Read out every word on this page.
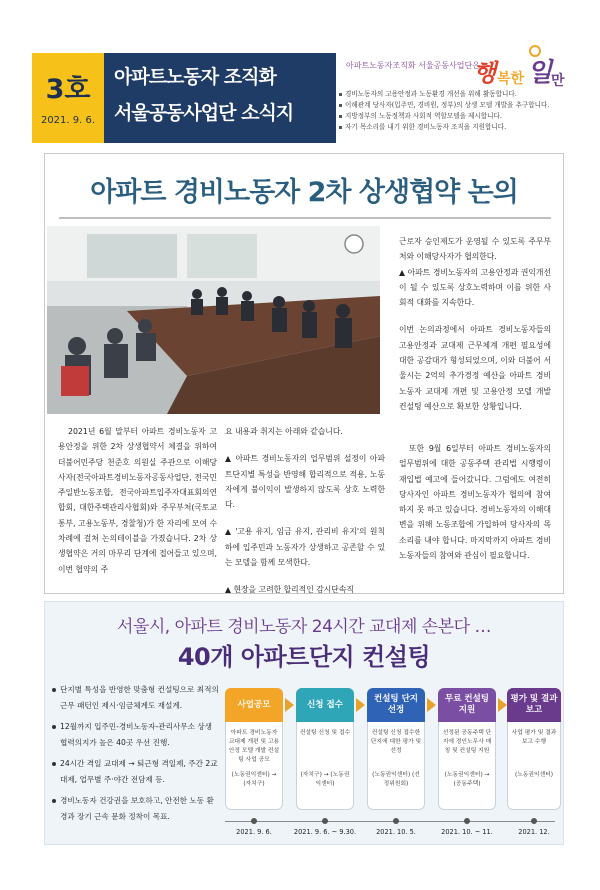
3호
2021. 9. 6.
아파트노동자 조직화
서울공동사업단 소식지
아파트노동자조직화 서울공동사업단은
행 복한 일
만
경비노동자의 고용안정과 노동환경 개선을 위해 활동합니다.
이해관계 당사자(입주민, 경비원, 정부)의 상생 모델 개발을 추구합니다.
지방정부의 노동정책과 사회적 역할모델을 제시합니다.
자기 목소리를 내기 위한 경비노동자 조직을 지원합니다.
아파트 경비노동자 2차 상생협약 논의

근로자 승인제도가 운영될 수 있도록 주무부처와 이해당사자가 협의한다.

▲ 아파트 경비노동자의 고용안정과 권익개선이 될 수 있도록 상호노력하며 이를 위한 사회적 대화를 지속한다.

이번 논의과정에서 아파트 경비노동자들의 고용안정과 교대제 근무체계 개편 필요성에 대한 공감대가 형성되었으며, 이와 더불어 서울시는 2억의 추가경정 예산을 아파트 경비노동자 교대제 개편 및 고용안정 모델 개발 컨설팅 예산으로 확보한 상황입니다.

2021년 6월 말부터 아파트 경비노동자 고용안정을 위한 2차 상생협약서 체결을 위하여 더불어민주당 천준호 의원실 주관으로 이해당사자(전국아파트경비노동자공동사업단, 전국민주일반노동조합, 전국아파트입주자대표회의연합회, 대한주택관리사협회)와 주무부처(국토교통부, 고용노동부, 경찰청)가 한 자리에 모여 수차례에 걸쳐 논의테이블을 가졌습니다. 2차 상생협약은 거의 마무리 단계에 접어들고 있으며, 이번 협약의 주

요 내용과 취지는 아래와 같습니다.

▲ 아파트 경비노동자의 업무범위 설정이 아파트단지별 특성을 반영해 합리적으로 적용, 노동자에게 불이익이 발생하지 않도록 상호 노력한다.

▲ '고용 유지, 임금 유지, 관리비 유지'의 원칙 하에 입주민과 노동자가 상생하고 공존할 수 있는 모델을 함께 모색한다.

▲ 현장을 고려한 합리적인 감시단속직

또한 9월 6일부터 아파트 경비노동자의 업무범위에 대한 공동주택 관리법 시행령이 재입법 예고에 들어갔니다. 그럼에도 여전히 당사자인 아파트 경비노동자가 협의에 참여하지 못 하고 있습니다. 경비노동자의 이해대변을 위해 노동조합에 가입하여 당사자의 목소리를 내야 합니다. 마지막까지 아파트 경비노동자들의 참여와 관심이 필요합니다.

서울시, 아파트 경비노동자 24시간 교대제 손본다 …
40개 아파트단지 컨설팅
단지별 특성을 반영한 맞춤형 컨설팅으로 최적의 근무 패턴인 제시·임금체계도 재설계.
12월까지 입주민-경비노동자-관리사무소 상생협력의지가 높은 40곳 우선 진행.
24시간 격일 교대제 → 퇴근형 격일제, 주간 2교대제, 업무별 주·야간 전담제 등.
경비노동자 건강권을 보호하고, 안전한 노동 환경과 장기 근속 문화 정착이 목표.
사업공모
아파트 경비노동자 교대제 개편 및 고용안정 모델 개발 컨설팅 사업 공모
(노동권익센터) → (자치구)
신청 접수
컨설팅 신청 및 접수
(자치구) → (노동권익센터)
컨설팅 단지 선정
컨설팅 신청 접수한 단지에 대한 평가 및 선정
(노동권익센터) (선정위원회)
무료 컨설팅 지원
선정된 공동주택 단지에 경인노무사 매칭 및 컨설팅 지원
(노동권익센터) → (공동주택)
평가 및 결과 보고
사업 평가 및 결과보고 수행
(노동권익센터)
2021. 9. 6.	2021. 9. 6. ~ 9.30.	2021. 10. 5.	2021. 10. ~ 11.	2021. 12.
